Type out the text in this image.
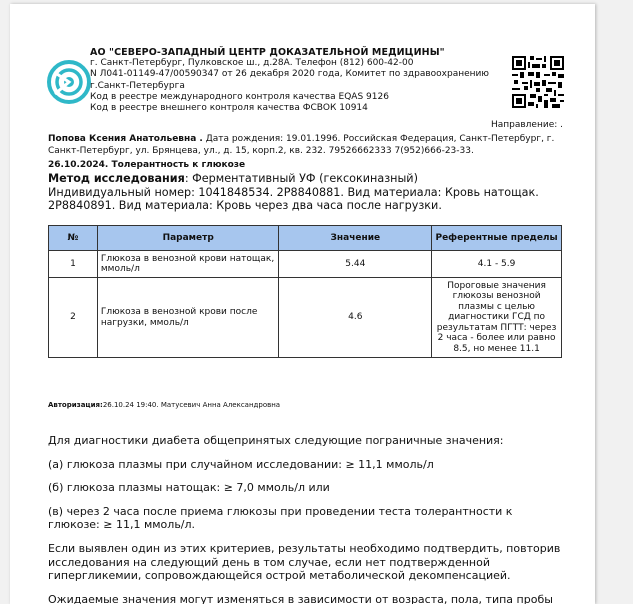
АО "СЕВЕРО-ЗАПАДНЫЙ ЦЕНТР ДОКАЗАТЕЛЬНОЙ МЕДИЦИНЫ"
г. Санкт-Петербург, Пулковское ш., д.28А. Телефон (812) 600-42-00
N Л041-01149-47/00590347 от 26 декабря 2020 года, Комитет по здравоохранению
г.Санкт-Петербурга
Код в реестре международного контроля качества EQAS 9126
Код в реестре внешнего контроля качества ФСВОК 10914
Направление: .
Попова Ксения Анатольевна . Дата рождения: 19.01.1996. Российская Федерация, Санкт-Петербург, г. Санкт-Петербург, ул. Брянцева, ул., д. 15, корп.2, кв. 232. 79526662333 7(952)666-23-33.
26.10.2024. Толерантность к глюкозе
Метод исследования: Ферментативный УФ (гексокиназный)
Индивидуальный номер: 1041848534. 2P8840881. Вид материала: Кровь натощак. 2P8840891. Вид материала: Кровь через два часа после нагрузки.
№	Параметр	Значение	Референтные пределы
1	Глюкоза в венозной крови натощак, ммоль/л	5.44	4.1 - 5.9
2	Глюкоза в венозной крови после нагрузки, ммоль/л	4.6	Пороговые значения глюкозы венозной плазмы с целью диагностики ГСД по результатам ПГТТ: через 2 часа - более или равно 8.5, но менее 11.1
Авторизация:26.10.24 19:40. Матусевич Анна Александровна

Для диагностики диабета общепринятых следующие пограничные значения:

(а) глюкоза плазмы при случайном исследовании: ≥ 11,1 ммоль/л

(б) глюкоза плазмы натощак: ≥ 7,0 ммоль/л или

(в) через 2 часа после приема глюкозы при проведении теста толерантности к глюкозе: ≥ 11,1 ммоль/л.

Если выявлен один из этих критериев, результаты необходимо подтвердить, повторив исследования на следующий день в том случае, если нет подтвержденной гипергликемии, сопровождающейся острой метаболической декомпенсацией.

Ожидаемые значения могут изменяться в зависимости от возраста, пола, типа пробы
